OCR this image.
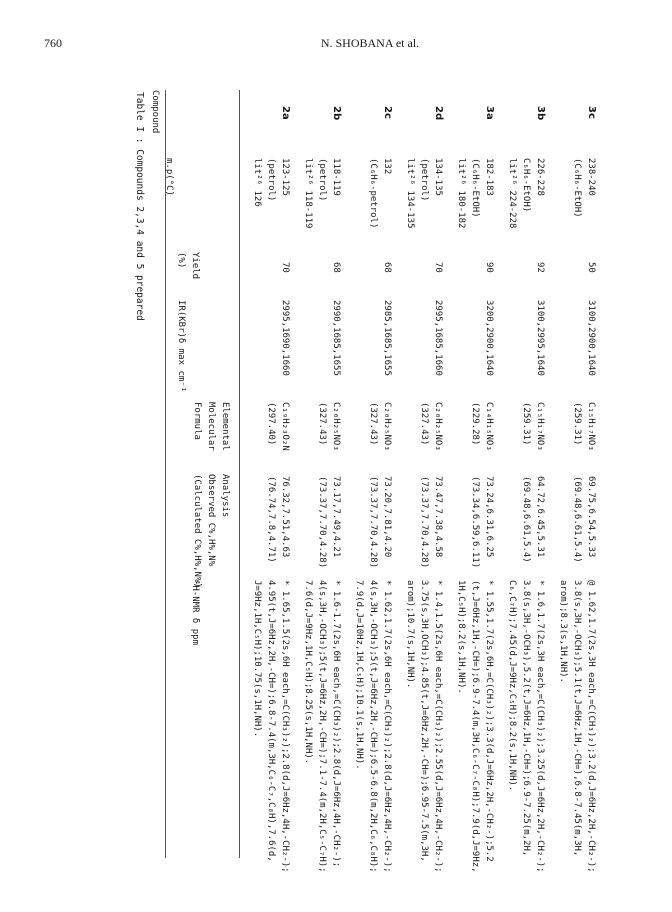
760	N. SHOBANA et al.
Table I : Compounds 2,3,4 and 5 prepared Compound
m.p(°C)
Yield
(%)
IR(KBr)δ max cm⁻¹
Elemental
Molecular
Formula
Analysis
Observed C%,H%,N%
(Calculated C%,H%,N%)
¹H-NMR δ ppm
2a
123-125
(petrol)
lit²⁶ 126
70
2995,1690,1660
C₁₉H₂₃O₂N
(297.40)
76.32,7.51,4.63
(76.74,7.8,4.71)
* 1.65,1.5(2s,6H each,=C(CH₃)₂);2.8(d,J=6Hz,4H,-CH₂-);
4.95(t,J=6Hz,2H,-CH=);6.8-7.4(m,3H,C₆-C₇,C₈H),7.6(d,
J=9Hz,1H,C₅H);10.75(s,1H,NH).
2b
118-119
(petrol)
lit²⁶ 118-119
68
2990,1685,1655
C₂₀H₂₅NO₃
(327.43)
73.17,7.49,4.21
(73.37,7.70,4.28)
* 1.6-1.7(2s,6H each,=C(CH₃)₂);2.8(d,J=6Hz,4H,-CH₂-);
4(s,3H,-OCH₃);5(t,J=6Hz,2H,-CH=);7.1-7.4(m,2H,C₅-C₇H);
7.6(d,J=9Hz,1H,C₅H);8.25(s,1H,NH).
2c
132
(C₆H₆-petrol)
68
2985,1685,1655
C₂₀H₂₅NO₃
(327.43)
73.20,7.81,4.20
(73.37,7.70,4.28)
* 1.62,1.7(2s,6H each,=C(CH₃)₂);2.8(d,J=6Hz,4H,-CH₂-);
4(s,3H,-OCH₃);5(t,J=6Hz,2H,-CH=);6.5-6.8(m,2H,C₆,C₈H);
7.9(d,J=10Hz,1H,C₅H);10.1(s,1H,NH).
2d
134-135
(petrol)
lit²⁶ 134-135
70
2995,1685,1660
C₂₀H₂₅NO₃
(327.43)
73.47,7.38,4.58
(73.37,7.70,4.28)
* 1.4,1.5(2s,6H each,=C(CH₃)₂);2.55(d,J=6Hz,4H,-CH₂-);
3.75(s,3H,OCH₃);4.85(t,J=6Hz,2H,-CH=);6.95-7.5(m,3H,
arom);10.7(s,1H,NH).
3a
182-183
(C₆H₆-EtOH)
lit²⁶ 180-182
90
3200,2900,1640
C₁₄H₁₅NO₃
(229.28)
73.24,6.31,6.25
(73.34,6.59,6.11)
* 1.55,1.7(2s,6H,=C(CH₃)₂);3.3(d,J=6Hz,2H,-CH₂-);5.2
(t,J=6Hz,1H,-CH=);6.9-7.4(m,3H,C₆-C₇-C₈H);7.9(d,J=9Hz,
1H,C₅H);8.2(s,1H,NH).
3b
226-228
C₆H₆-EtOH)
lit²⁶ 224-228
92
3100,2995,1640
C₁₅H₁₇NO₃
(259.31)
64.72,6.45,5.31
(69.48,6.61,5.4)
* 1.6,1.7(2s,3H each,=C(CH₃)₂);3.25(d,J=6Hz,2H,-CH₂-);
3.8(s,3H,-OCH₃),5.2(t,J=6Hz,1H,-CH=);6.9-7.25(m,2H,
C₆,C₇H);7.45(d,J=9Hz,C₅H);8.2(s,1H,NH).
3c
238-240
(C₆H₆-EtOH)
50
3100,2900,1640
C₁₅H₁₇NO₃
(259.31)
69.75,6.54,5.33
(69.48,6.61,5.4)
@ 1.62,1.7(2s,3H each,=C(CH₃)₂);3.2(d,J=6Hz,2H,-CH₂-);
3.8(s,3H,-OCH₃);5.1(t,J=6Hz,1H,-CH=),6.8-7.45(m,3H,
arom);8.3(s,1H,NH).
